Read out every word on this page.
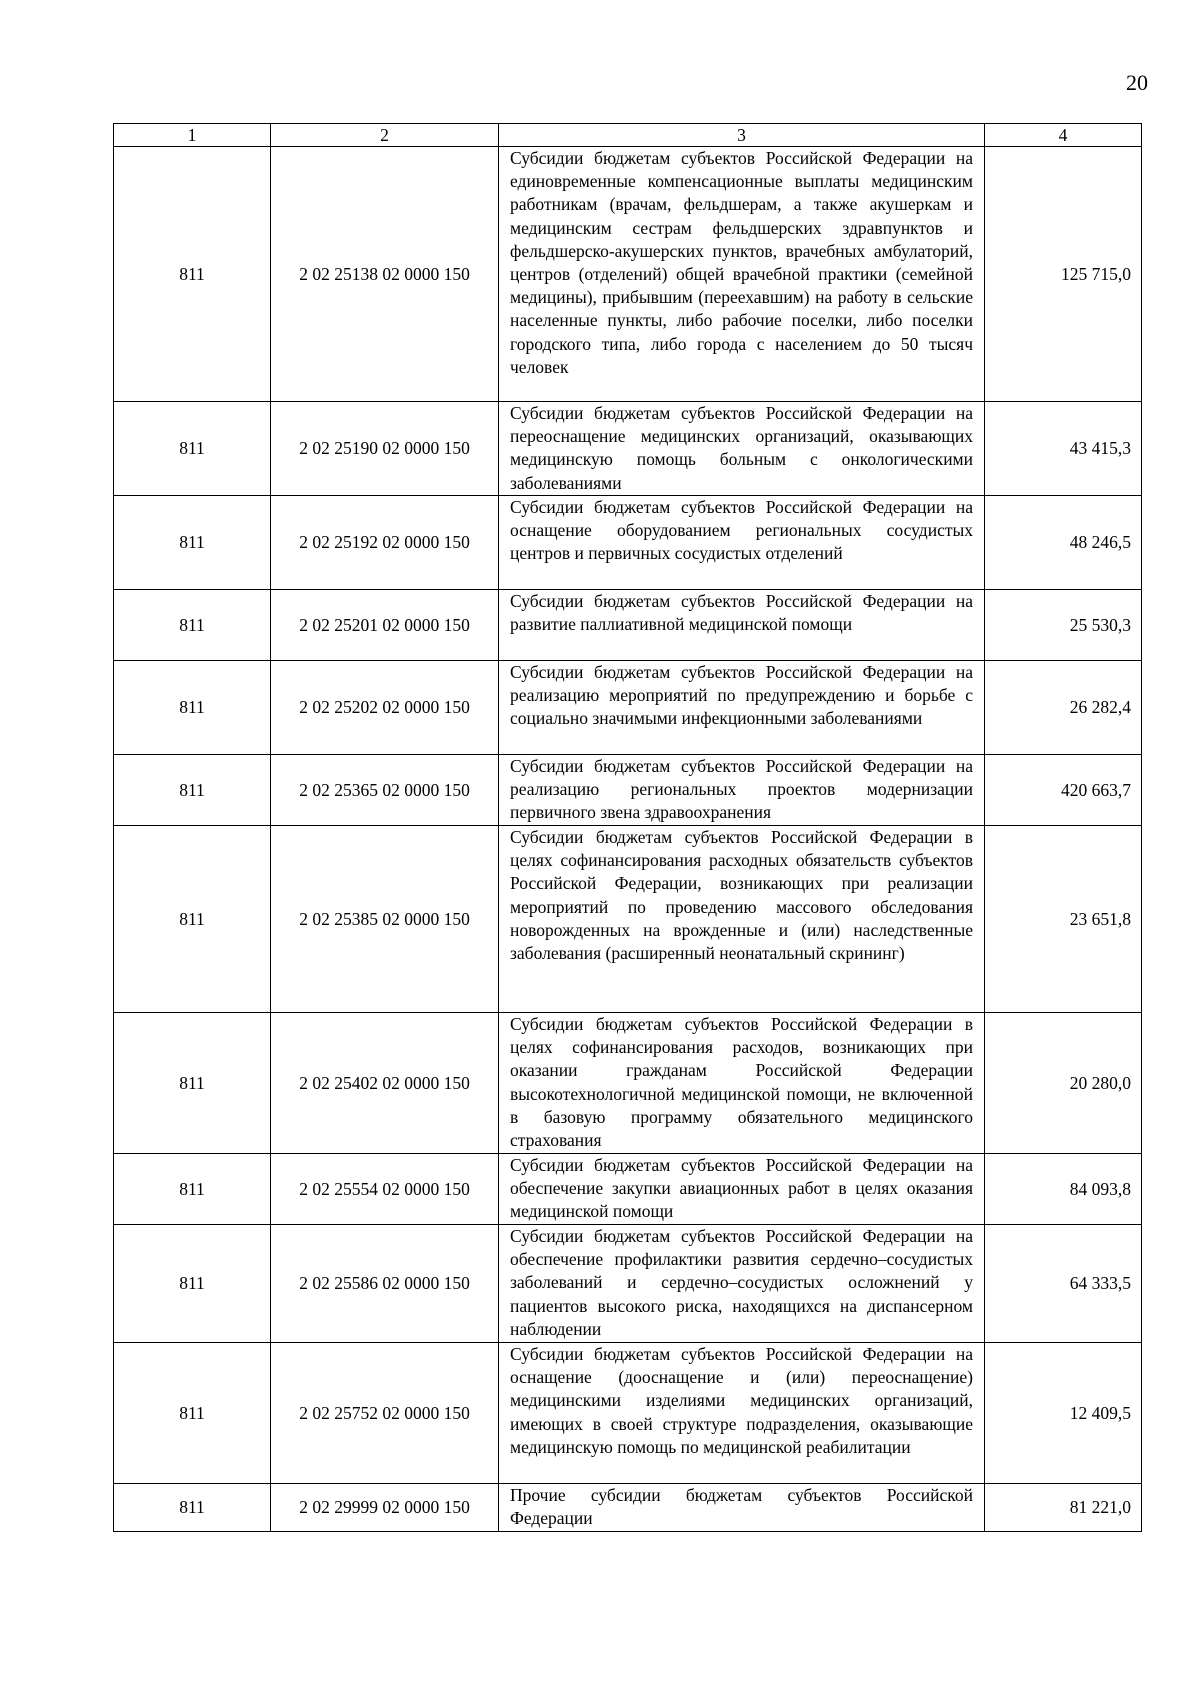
20
1	2	3	4
811	2 02 25138 02 0000 150	Субсидии бюджетам субъектов Российской Федерации на единовременные компенсационные выплаты медицинским работникам (врачам, фельдшерам, а также акушеркам и медицинским сестрам фельдшерских здравпунктов и фельдшерско-акушерских пунктов, врачебных амбулаторий, центров (отделений) общей врачебной практики (семейной медицины), прибывшим (переехавшим) на работу в сельские населенные пункты, либо рабочие поселки, либо поселки городского типа, либо города с населением до 50 тысяч человек	125 715,0
811	2 02 25190 02 0000 150	Субсидии бюджетам субъектов Российской Федерации на переоснащение медицинских организаций, оказывающих медицинскую помощь больным с онкологическими заболеваниями	43 415,3
811	2 02 25192 02 0000 150	Субсидии бюджетам субъектов Российской Федерации на оснащение оборудованием региональных сосудистых центров и первичных сосудистых отделений	48 246,5
811	2 02 25201 02 0000 150	Субсидии бюджетам субъектов Российской Федерации на развитие паллиативной медицинской помощи	25 530,3
811	2 02 25202 02 0000 150	Субсидии бюджетам субъектов Российской Федерации на реализацию мероприятий по предупреждению и борьбе с социально значимыми инфекционными заболеваниями	26 282,4
811	2 02 25365 02 0000 150	Субсидии бюджетам субъектов Российской Федерации на реализацию региональных проектов модернизации первичного звена здравоохранения	420 663,7
811	2 02 25385 02 0000 150	Субсидии бюджетам субъектов Российской Федерации в целях софинансирования расходных обязательств субъектов Российской Федерации, возникающих при реализации мероприятий по проведению массового обследования новорожденных на врожденные и (или) наследственные заболевания (расширенный неонатальный скрининг)	23 651,8
811	2 02 25402 02 0000 150	Субсидии бюджетам субъектов Российской Федерации в целях софинансирования расходов, возникающих при оказании гражданам Российской Федерации высокотехнологичной медицинской помощи, не включенной в базовую программу обязательного медицинского страхования	20 280,0
811	2 02 25554 02 0000 150	Субсидии бюджетам субъектов Российской Федерации на обеспечение закупки авиационных работ в целях оказания медицинской помощи	84 093,8
811	2 02 25586 02 0000 150	Субсидии бюджетам субъектов Российской Федерации на обеспечение профилактики развития сердечно–сосудистых заболеваний и сердечно–сосудистых осложнений у пациентов высокого риска, находящихся на диспансерном наблюдении	64 333,5
811	2 02 25752 02 0000 150	Субсидии бюджетам субъектов Российской Федерации на оснащение (дооснащение и (или) переоснащение) медицинскими изделиями медицинских организаций, имеющих в своей структуре подразделения, оказывающие медицинскую помощь по медицинской реабилитации	12 409,5
811	2 02 29999 02 0000 150	Прочие субсидии бюджетам субъектов Российской Федерации	81 221,0
